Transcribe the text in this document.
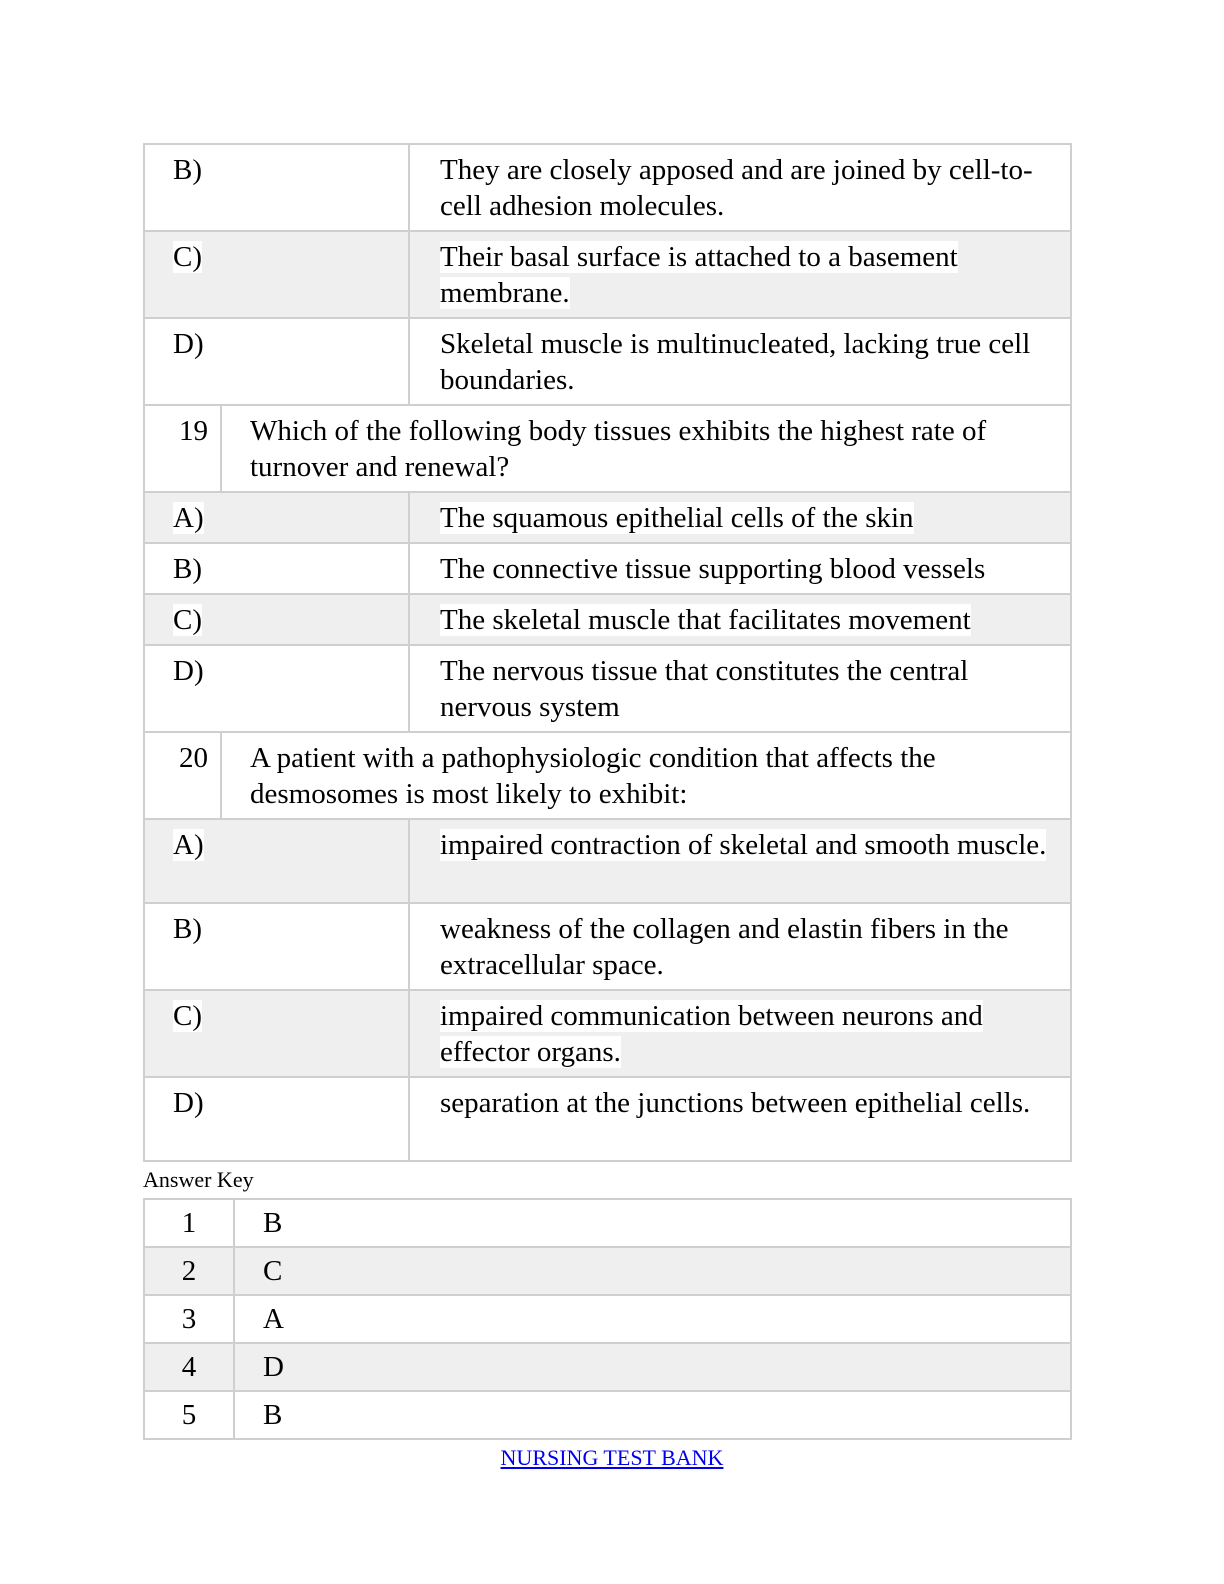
B)	They are closely apposed and are joined by cell-to-cell adhesion molecules.
C)	Their basal surface is attached to a basement membrane.
D)	Skeletal muscle is multinucleated, lacking true cell boundaries.
19	Which of the following body tissues exhibits the highest rate of turnover and renewal?
A)	The squamous epithelial cells of the skin
B)	The connective tissue supporting blood vessels
C)	The skeletal muscle that facilitates movement
D)	The nervous tissue that constitutes the central nervous system
20	A patient with a pathophysiologic condition that affects the desmosomes is most likely to exhibit:
A)	impaired contraction of skeletal and smooth muscle.
B)	weakness of the collagen and elastin fibers in the extracellular space.
C)	impaired communication between neurons and effector organs.
D)	separation at the junctions between epithelial cells.
Answer Key
1	B
2	C
3	A
4	D
5	B
NURSING TEST BANK
